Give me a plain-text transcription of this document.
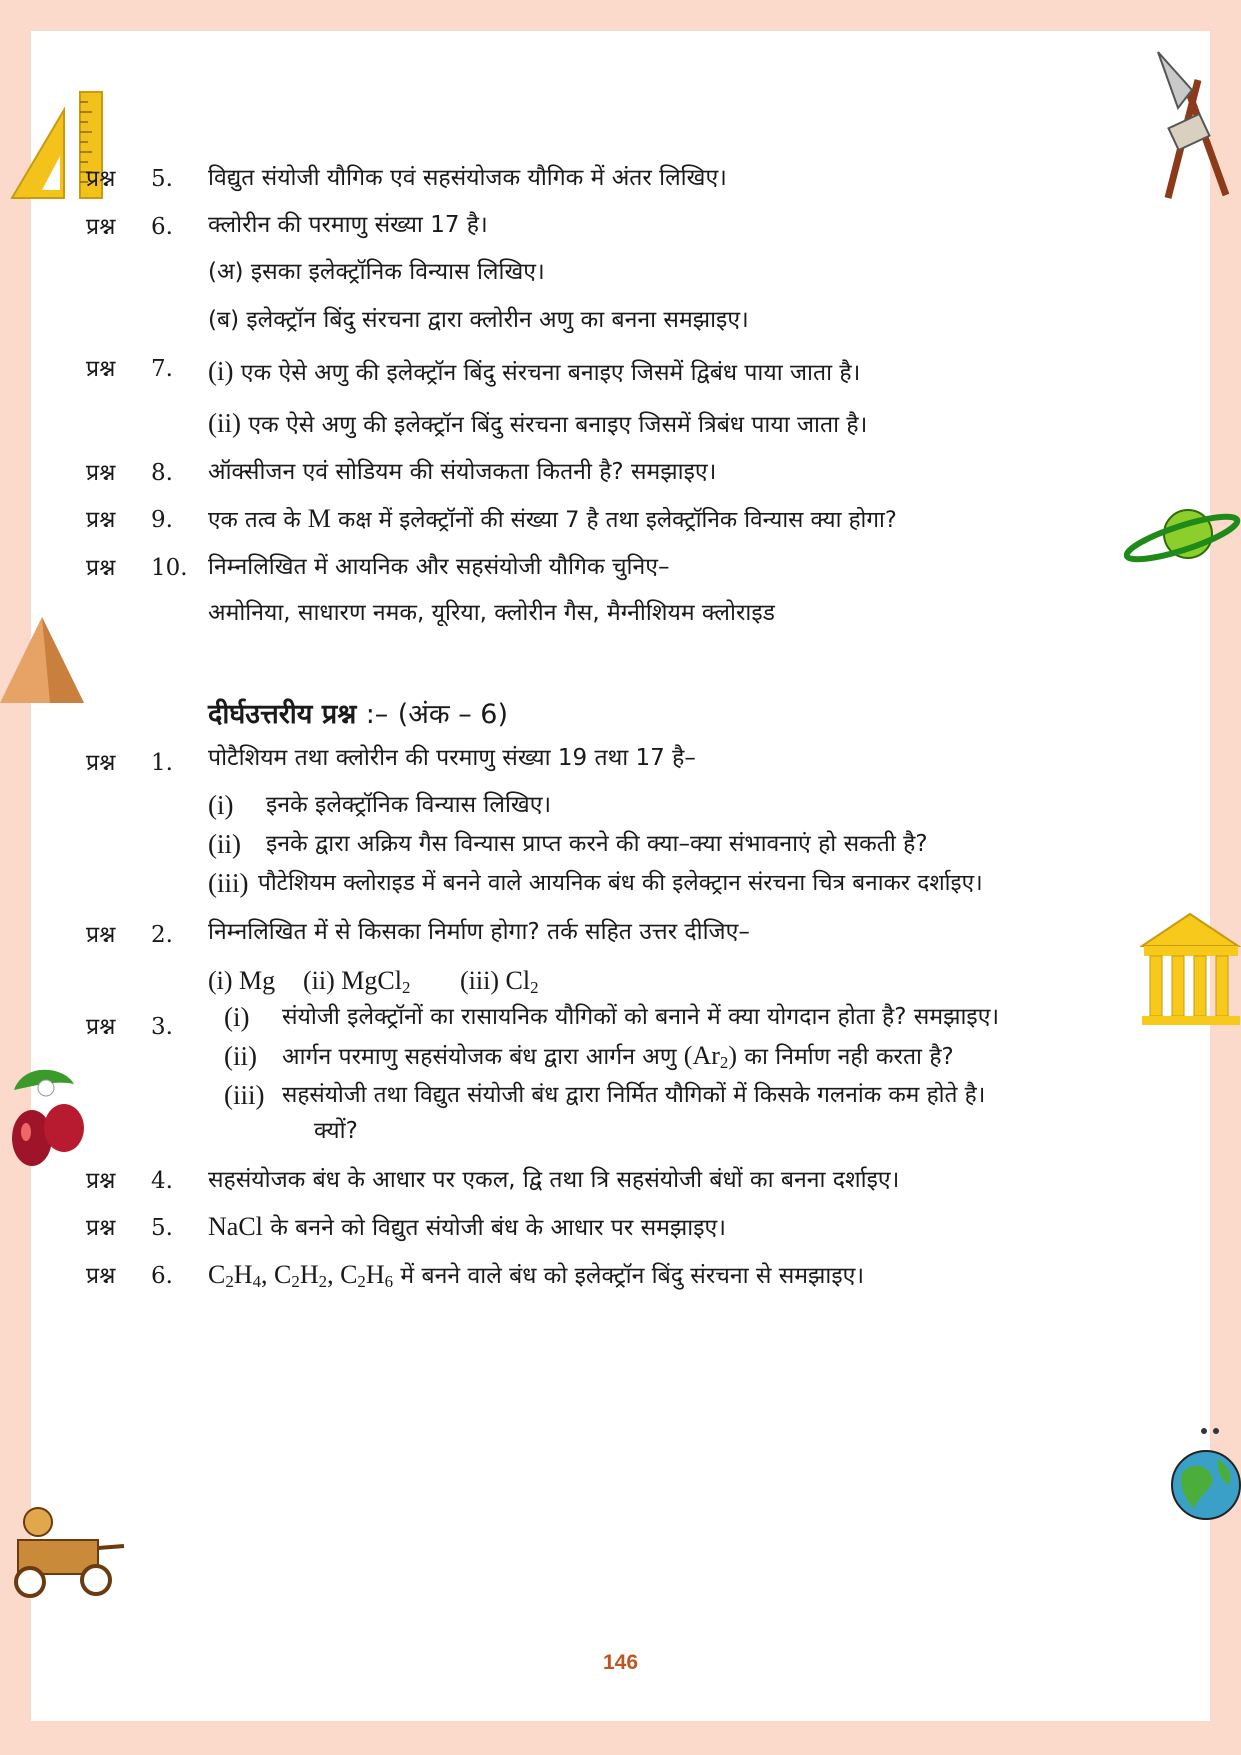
प्रश्न 5. विद्युत संयोजी यौगिक एवं सहसंयोजक यौगिक में अंतर लिखिए।
प्रश्न 6. क्लोरीन की परमाणु संख्या 17 है।
(अ) इसका इलेक्ट्रॉनिक विन्यास लिखिए।
(ब) इलेक्ट्रॉन बिंदु संरचना द्वारा क्लोरीन अणु का बनना समझाइए।
प्रश्न 7. (i) एक ऐसे अणु की इलेक्ट्रॉन बिंदु संरचना बनाइए जिसमें द्विबंध पाया जाता है।
(ii) एक ऐसे अणु की इलेक्ट्रॉन बिंदु संरचना बनाइए जिसमें त्रिबंध पाया जाता है।
प्रश्न 8. ऑक्सीजन एवं सोडियम की संयोजकता कितनी है? समझाइए।
प्रश्न 9. एक तत्व के M कक्ष में इलेक्ट्रॉनों की संख्या 7 है तथा इलेक्ट्रॉनिक विन्यास क्या होगा?
प्रश्न 10. निम्नलिखित में आयनिक और सहसंयोजी यौगिक चुनिए–
अमोनिया, साधारण नमक, यूरिया, क्लोरीन गैस, मैग्नीशियम क्लोराइड
दीर्घउत्तरीय प्रश्न :– (अंक – 6)
प्रश्न 1. पोटैशियम तथा क्लोरीन की परमाणु संख्या 19 तथा 17 है–
(i) इनके इलेक्ट्रॉनिक विन्यास लिखिए।
(ii) इनके द्वारा अक्रिय गैस विन्यास प्राप्त करने की क्या–क्या संभावनाएं हो सकती है?
(iii) पौटेशियम क्लोराइड में बनने वाले आयनिक बंध की इलेक्ट्रान संरचना चित्र बनाकर दर्शाइए।
प्रश्न 2. निम्नलिखित में से किसका निर्माण होगा? तर्क सहित उत्तर दीजिए–
(i) Mg (ii) MgCl$_2$ (iii) $Cl_2$
प्रश्न 3. (i) संयोजी इलेक्ट्रॉनों का रासायनिक यौगिकों को बनाने में क्या योगदान होता है? समझाइए।
(ii) आर्गन परमाणु सहसंयोजक बंध द्वारा आर्गन अणु $(Ar_2)$ का निर्माण नही करता है?
(iii) सहसंयोजी तथा विद्युत संयोजी बंध द्वारा निर्मित यौगिकों में किसके गलनांक कम होते है।
क्यों?
प्रश्न 4. सहसंयोजक बंध के आधार पर एकल, द्वि तथा त्रि सहसंयोजी बंधों का बनना दर्शाइए।
प्रश्न 5. NaCl के बनने को विद्युत संयोजी बंध के आधार पर समझाइए।
प्रश्न 6. $C_2H_4$, $C_2H_2$, $C_2H_6$ में बनने वाले बंध को इलेक्ट्रॉन बिंदु संरचना से समझाइए।
146
